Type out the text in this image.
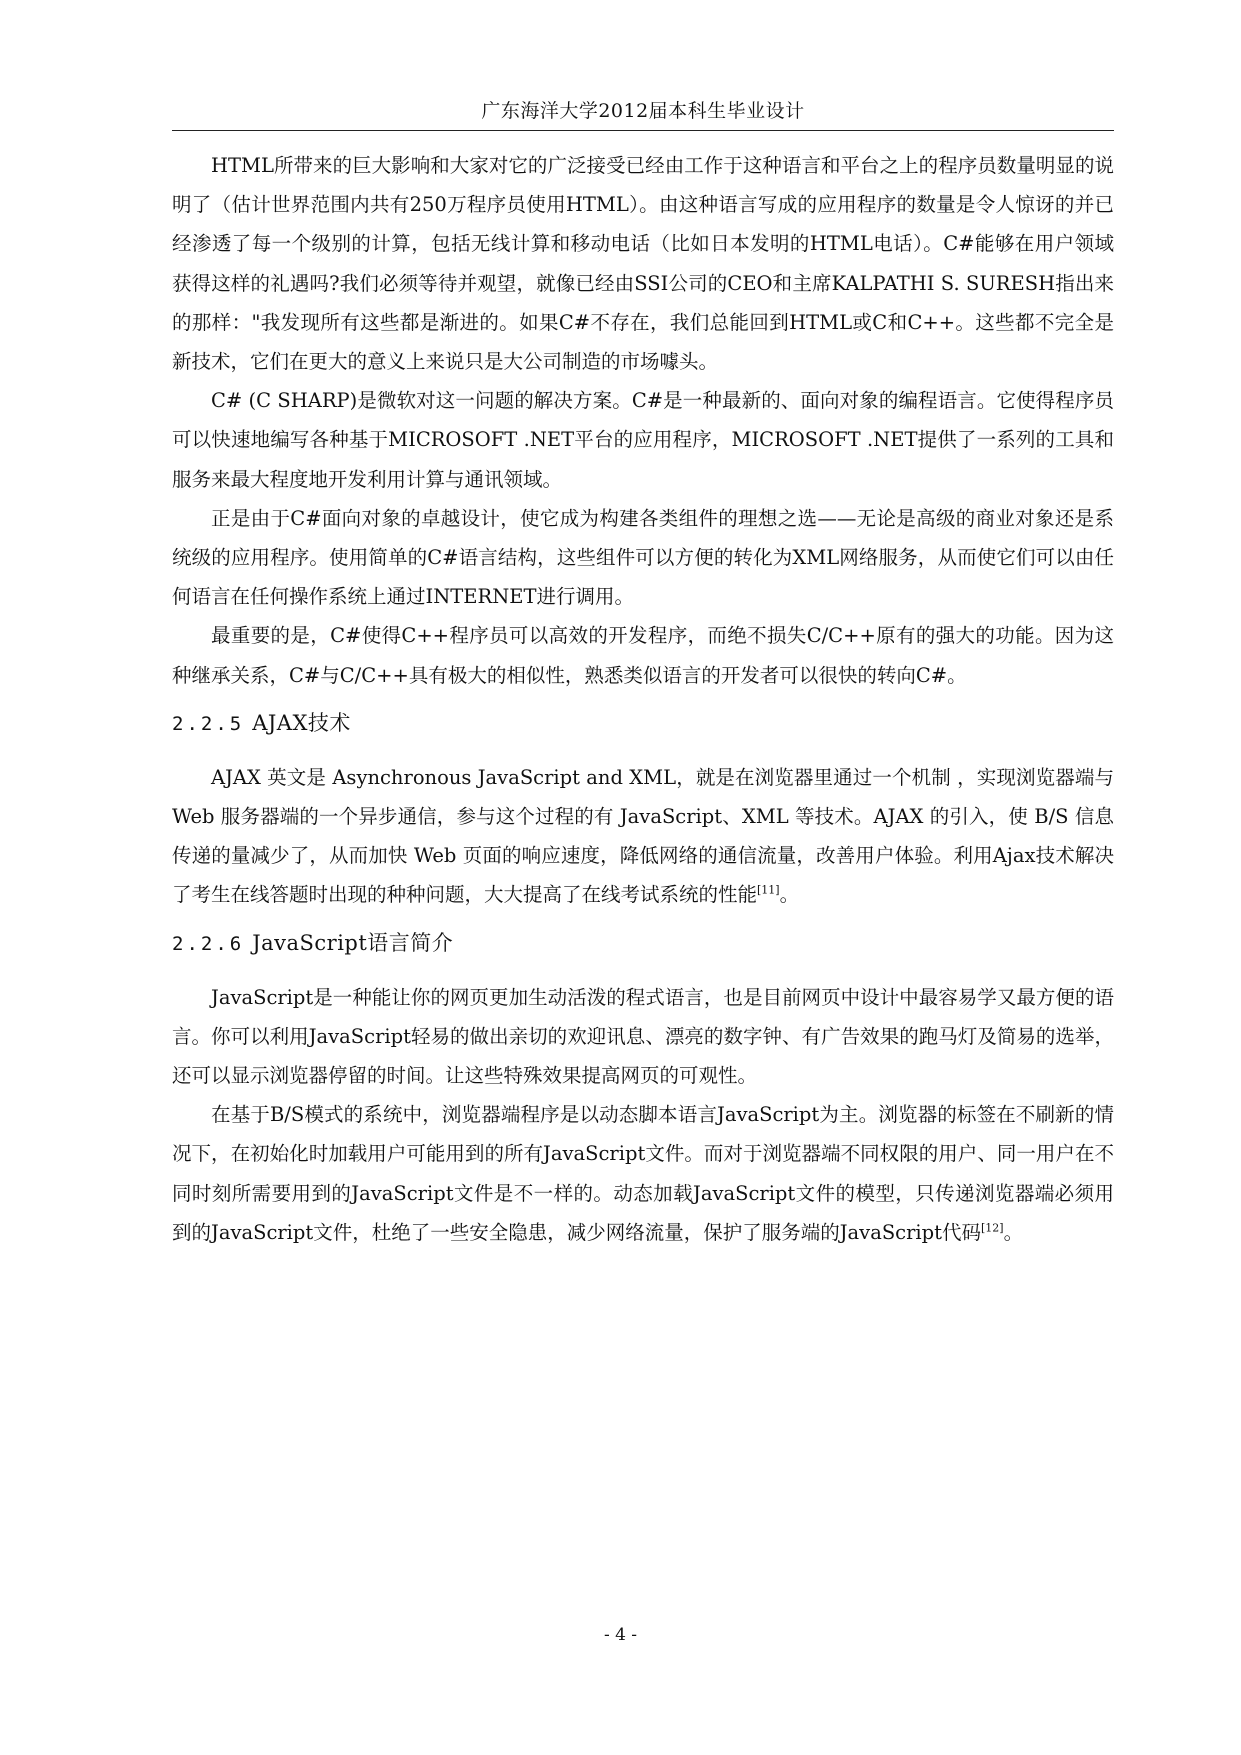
广东海洋大学2012届本科生毕业设计

HTML所带来的巨大影响和大家对它的广泛接受已经由工作于这种语言和平台之上的程序员数量明显的说明了（估计世界范围内共有250万程序员使用HTML）。由这种语言写成的应用程序的数量是令人惊讶的并已经渗透了每一个级别的计算，包括无线计算和移动电话（比如日本发明的HTML电话）。C#能够在用户领域获得这样的礼遇吗?我们必须等待并观望，就像已经由SSI公司的CEO和主席KALPATHI S. SURESH指出来的那样："我发现所有这些都是渐进的。如果C#不存在，我们总能回到HTML或C和C++。这些都不完全是新技术，它们在更大的意义上来说只是大公司制造的市场噱头。

C# (C SHARP)是微软对这一问题的解决方案。C#是一种最新的、面向对象的编程语言。它使得程序员可以快速地编写各种基于MICROSOFT .NET平台的应用程序，MICROSOFT .NET提供了一系列的工具和服务来最大程度地开发利用计算与通讯领域。

正是由于C#面向对象的卓越设计，使它成为构建各类组件的理想之选——无论是高级的商业对象还是系统级的应用程序。使用简单的C#语言结构，这些组件可以方便的转化为XML网络服务，从而使它们可以由任何语言在任何操作系统上通过INTERNET进行调用。

最重要的是，C#使得C++程序员可以高效的开发程序，而绝不损失C/C++原有的强大的功能。因为这种继承关系，C#与C/C++具有极大的相似性，熟悉类似语言的开发者可以很快的转向C#。

2.2.5 AJAX技术

AJAX 英文是 Asynchronous JavaScript and XML，就是在浏览器里通过一个机制 ，实现浏览器端与 Web 服务器端的一个异步通信，参与这个过程的有 JavaScript、XML 等技术。AJAX 的引入，使 B/S 信息传递的量减少了，从而加快 Web 页面的响应速度，降低网络的通信流量，改善用户体验。利用Ajax技术解决了考生在线答题时出现的种种问题，大大提高了在线考试系统的性能[11]。

2.2.6 JavaScript语言简介

JavaScript是一种能让你的网页更加生动活泼的程式语言，也是目前网页中设计中最容易学又最方便的语言。你可以利用JavaScript轻易的做出亲切的欢迎讯息、漂亮的数字钟、有广告效果的跑马灯及简易的选举，还可以显示浏览器停留的时间。让这些特殊效果提高网页的可观性。

在基于B/S模式的系统中，浏览器端程序是以动态脚本语言JavaScript为主。浏览器的标签在不刷新的情况下，在初始化时加载用户可能用到的所有JavaScript文件。而对于浏览器端不同权限的用户、同一用户在不同时刻所需要用到的JavaScript文件是不一样的。动态加载JavaScript文件的模型，只传递浏览器端必须用到的JavaScript文件，杜绝了一些安全隐患，减少网络流量，保护了服务端的JavaScript代码[12]。

- 4 -
